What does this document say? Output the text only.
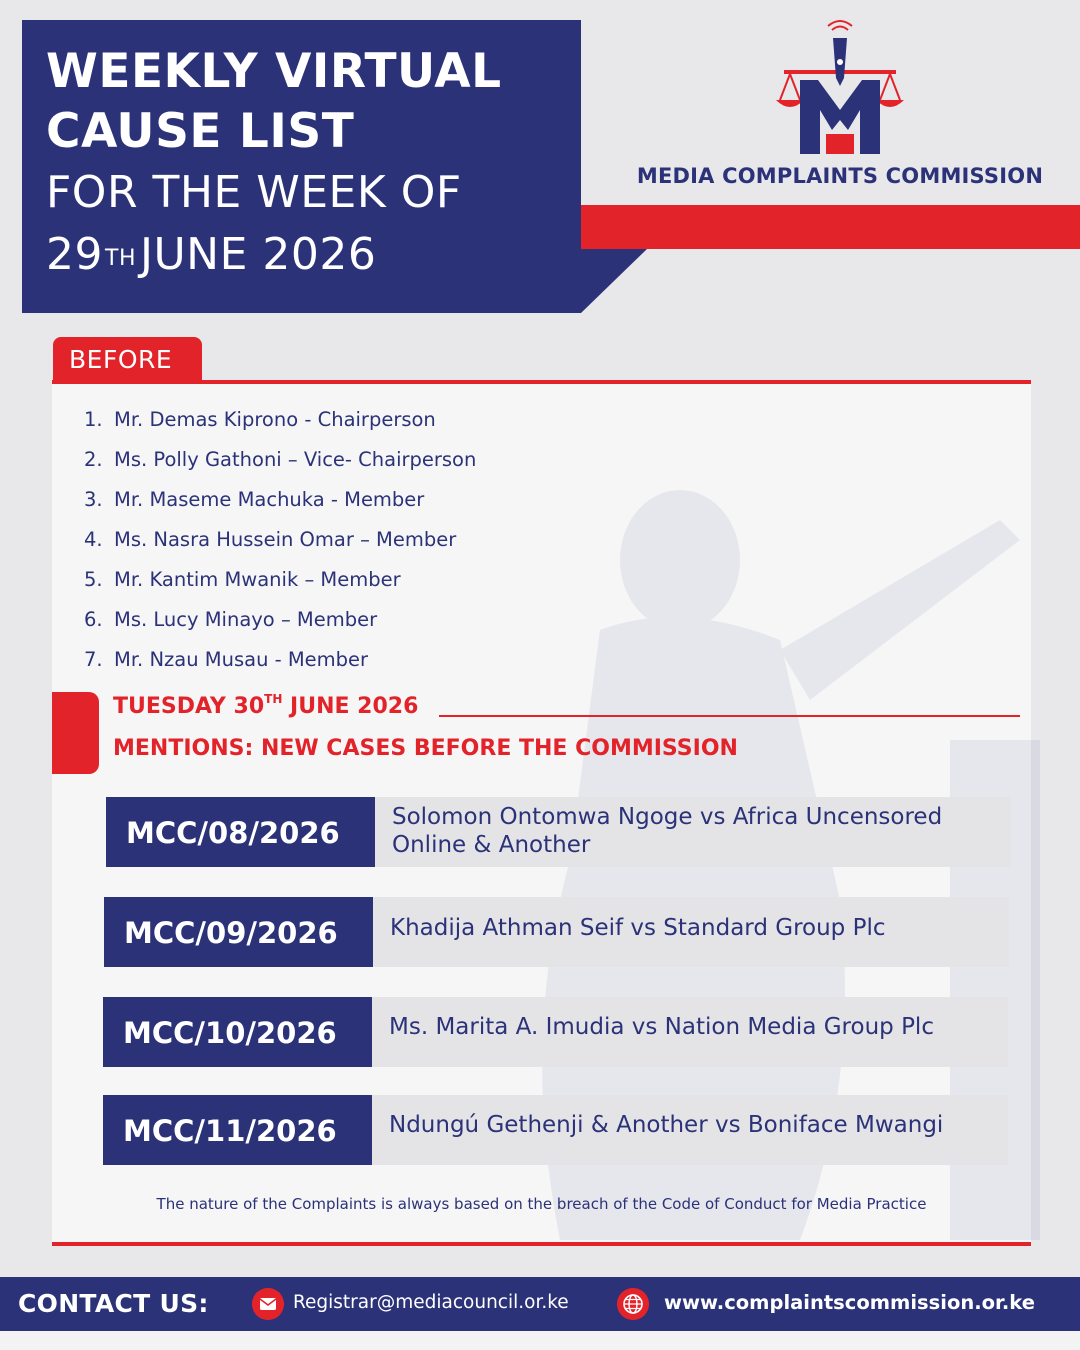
WEEKLY VIRTUAL
CAUSE LIST
FOR THE WEEK OF
29THJUNE 2026
MEDIA COMPLAINTS COMMISSION
BEFORE
1. Mr. Demas Kiprono - Chairperson
2. Ms. Polly Gathoni – Vice- Chairperson
3. Mr. Maseme Machuka - Member
4. Ms. Nasra Hussein Omar – Member
5. Mr. Kantim Mwanik – Member
6. Ms. Lucy Minayo – Member
7. Mr. Nzau Musau - Member
TUESDAY 30TH JUNE 2026
MENTIONS: NEW CASES BEFORE THE COMMISSION
MCC/08/2026	Solomon Ontomwa Ngoge vs Africa Uncensored Online & Another
MCC/09/2026	Khadija Athman Seif vs Standard Group Plc
MCC/10/2026	Ms. Marita A. Imudia vs Nation Media Group Plc
MCC/11/2026	Ndungú Gethenji & Another vs Boniface Mwangi
The nature of the Complaints is always based on the breach of the Code of Conduct for Media Practice
CONTACT US:	Registrar@mediacouncil.or.ke	www.complaintscommission.or.ke
